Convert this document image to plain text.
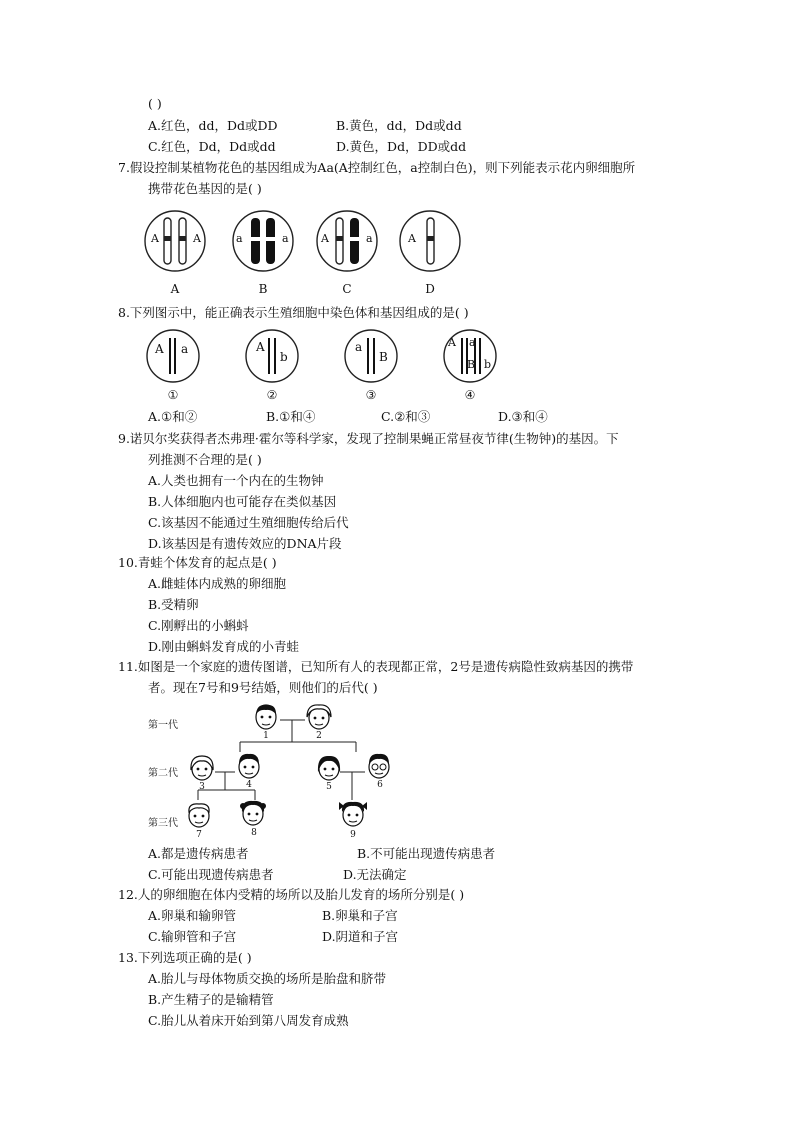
( )
A.红色，dd，Dd或DD	B.黄色，dd，Dd或dd
C.红色，Dd，Dd或dd	D.黄色，Dd，DD或dd
7.假设控制某植物花色的基因组成为Aa(A控制红色，a控制白色)，则下列能表示花内卵细胞所
携带花色基因的是( )
A	A	a	a	A	a	A
A	B	C	D
8.下列图示中，能正确表示生殖细胞中染色体和基因组成的是( )
A a	A
b
a
B
A a
B b
①	②	③	④
A.①和②	B.①和④	C.②和③	D.③和④
9.诺贝尔奖获得者杰弗理·霍尔等科学家，发现了控制果蝇正常昼夜节律(生物钟)的基因。下
列推测不合理的是( )
A.人类也拥有一个内在的生物钟
B.人体细胞内也可能存在类似基因
C.该基因不能通过生殖细胞传给后代
D.该基因是有遗传效应的DNA片段
10.青蛙个体发育的起点是( )
A.雌蛙体内成熟的卵细胞
B.受精卵
C.刚孵出的小蝌蚪
D.刚由蝌蚪发育成的小青蛙
11.如图是一个家庭的遗传图谱，已知所有人的表现都正常，2号是遗传病隐性致病基因的携带
者。现在7号和9号结婚，则他们的后代( )
第一代
第二代
第三代
1	2
3	4	5	6
7	8	9
A.都是遗传病患者	B.不可能出现遗传病患者
C.可能出现遗传病患者	D.无法确定
12.人的卵细胞在体内受精的场所以及胎儿发育的场所分别是( )
A.卵巢和输卵管	B.卵巢和子宫
C.输卵管和子宫	D.阴道和子宫
13.下列选项正确的是( )
A.胎儿与母体物质交换的场所是胎盘和脐带
B.产生精子的是输精管
C.胎儿从着床开始到第八周发育成熟
